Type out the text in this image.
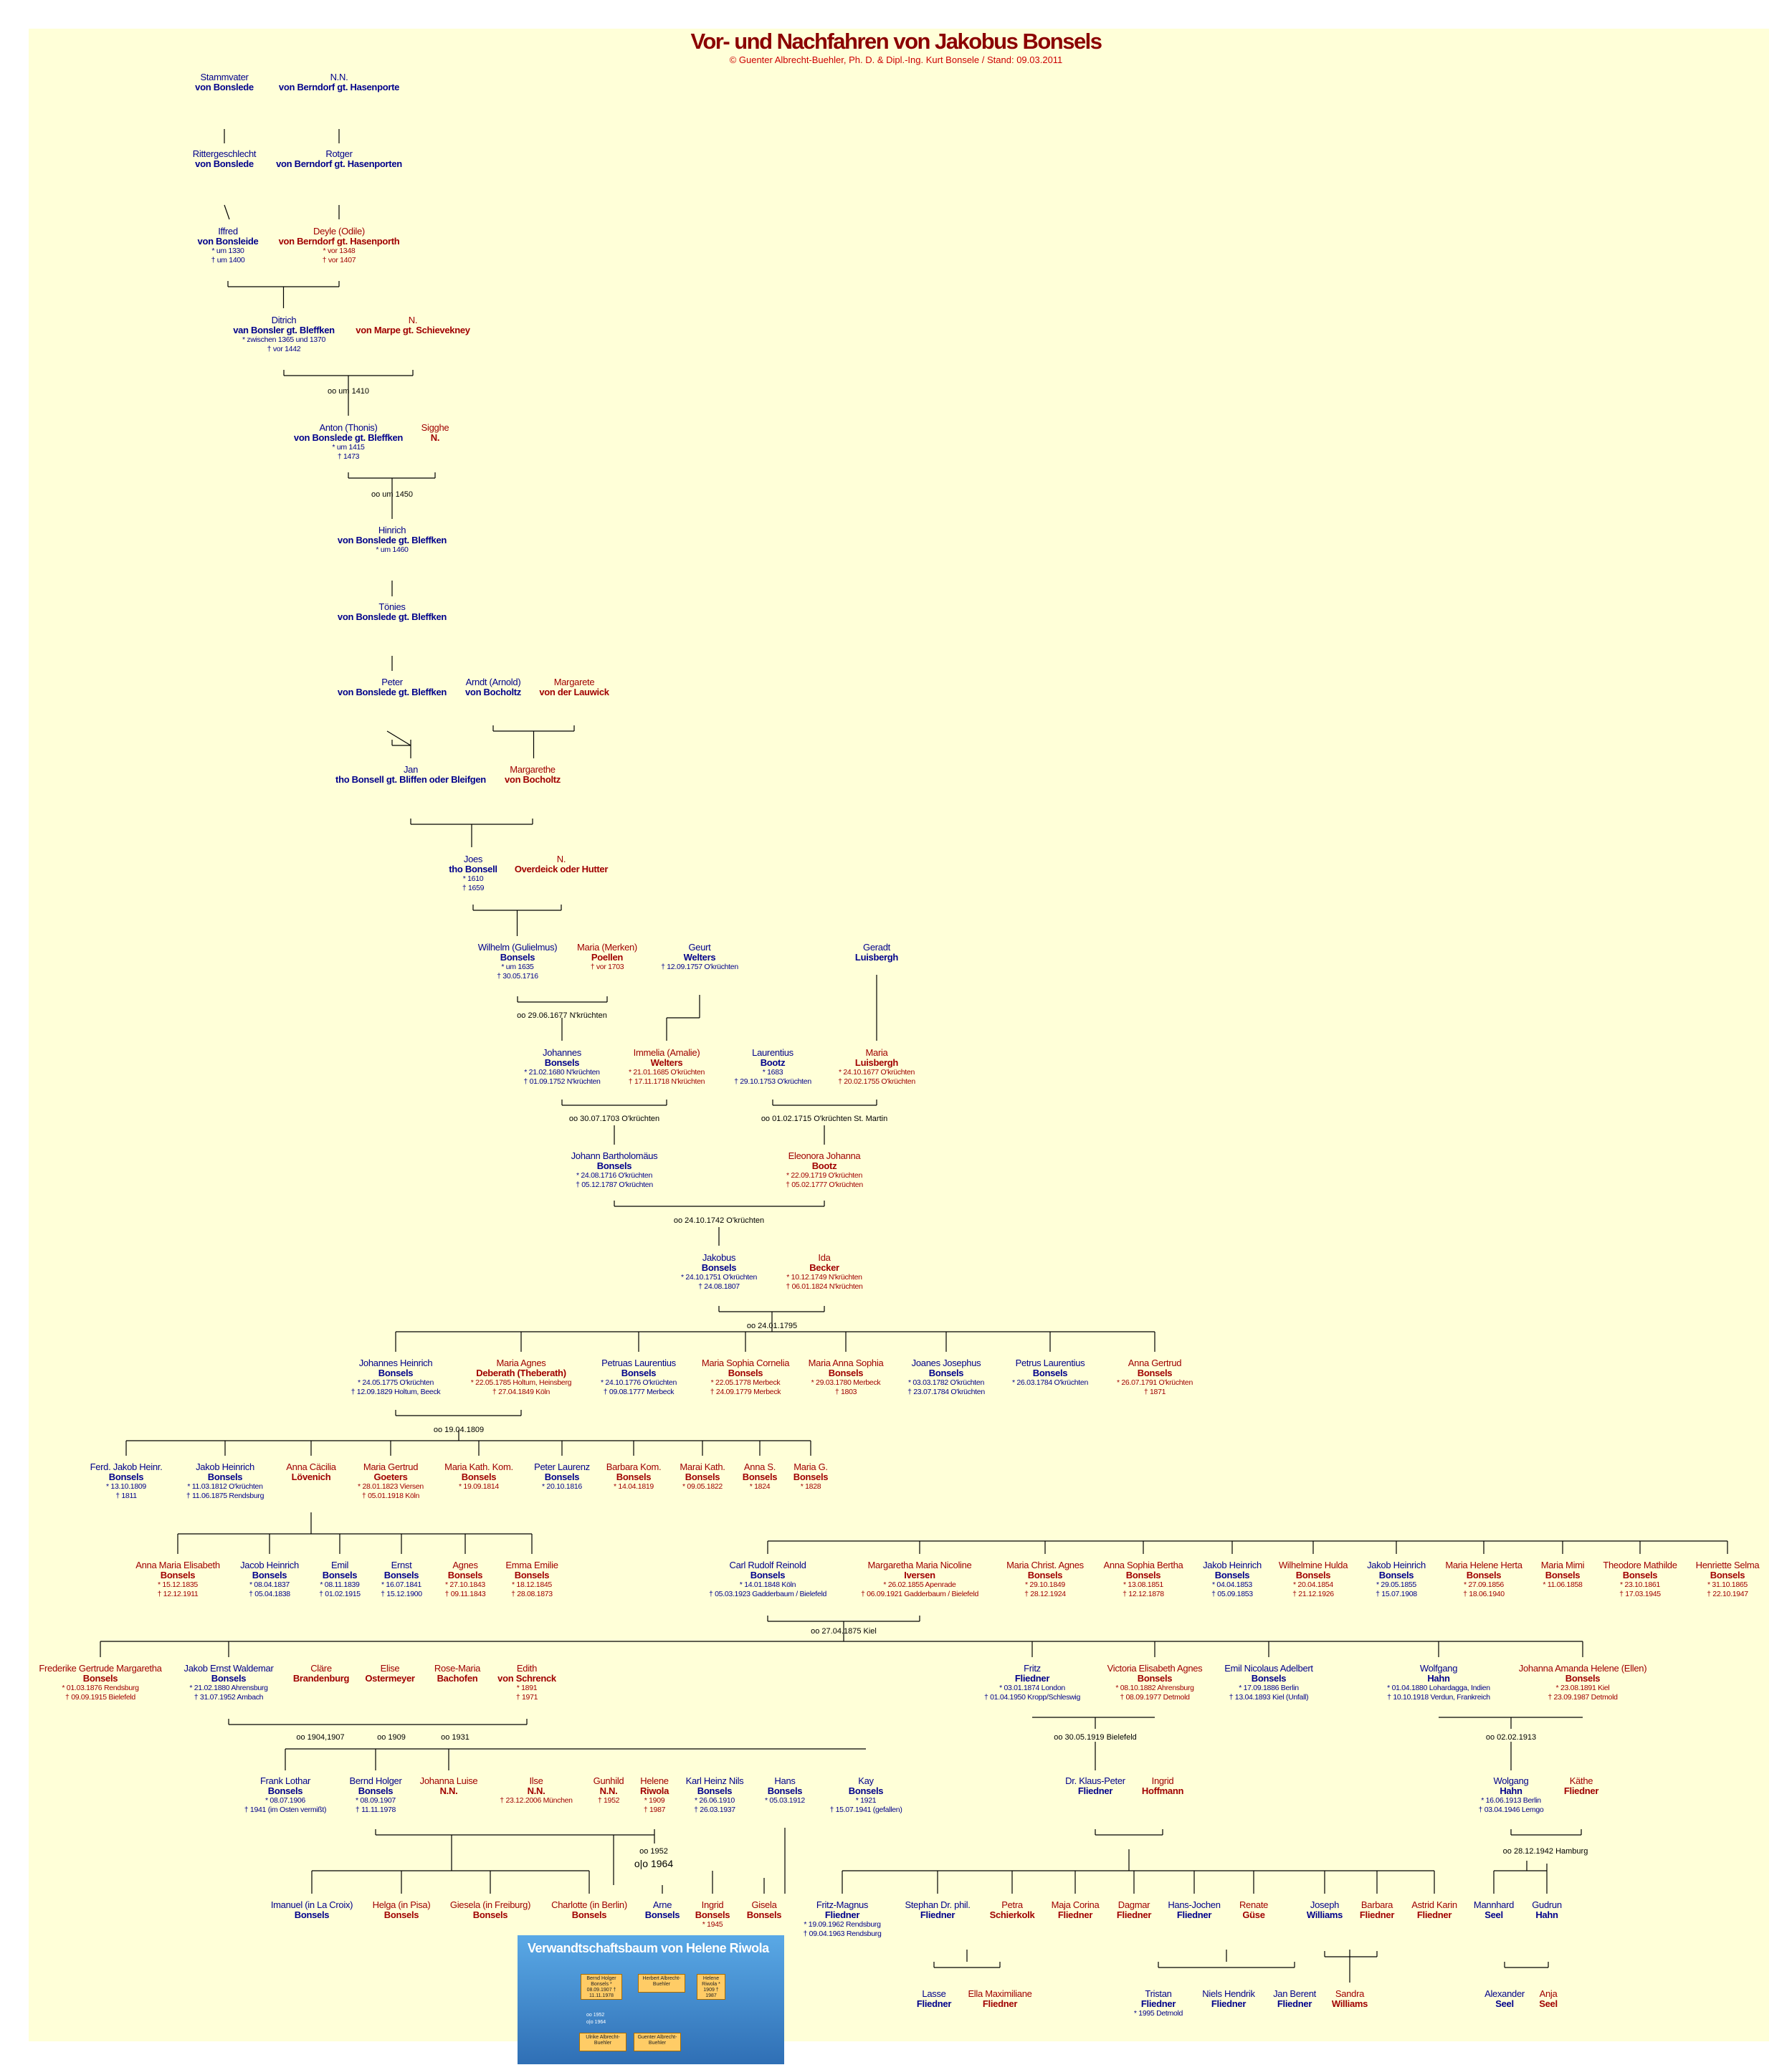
Vor- und Nachfahren von Jakobus Bonsels
© Guenter Albrecht-Buehler, Ph. D. & Dipl.-Ing. Kurt Bonsele / Stand: 09.03.2011
Stammvater
von Bonslede
N.N.
von Berndorf gt. Hasenporte
Rittergeschlecht
von Bonslede
Rotger
von Berndorf gt. Hasenporten
Iffred
von Bonsleide
* um 1330
† um 1400
Deyle (Odile)
von Berndorf gt. Hasenporth
* vor 1348
† vor 1407
Ditrich
van Bonsler gt. Bleffken
* zwischen 1365 und 1370
† vor 1442
N.
von Marpe gt. Schievekney
Anton (Thonis)
von Bonslede gt. Bleffken
* um 1415
† 1473
Sigghe
N.
Hinrich
von Bonslede gt. Bleffken
* um 1460
Tönies
von Bonslede gt. Bleffken
Peter
von Bonslede gt. Bleffken
Arndt (Arnold)
von Bocholtz
Margarete
von der Lauwick
Jan
tho Bonsell gt. Bliffen oder Bleifgen
Margarethe
von Bocholtz
Joes
tho Bonsell
* 1610
† 1659
N.
Overdeick oder Hutter
Wilhelm (Gulielmus)
Bonsels
* um 1635
† 30.05.1716
Maria (Merken)
Poellen
† vor 1703
Geurt
Welters
† 12.09.1757 O'krüchten
Geradt
Luisbergh
Johannes
Bonsels
* 21.02.1680 N'krüchten
† 01.09.1752 N'krüchten
Immelia (Amalie)
Welters
* 21.01.1685 O'krüchten
† 17.11.1718 N'krüchten
Laurentius
Bootz
* 1683
† 29.10.1753 O'krüchten
Maria
Luisbergh
* 24.10.1677 O'krüchten
† 20.02.1755 O'krüchten
Johann Bartholomäus
Bonsels
* 24.08.1716 O'krüchten
† 05.12.1787 O'krüchten
Eleonora Johanna
Bootz
* 22.09.1719 O'krüchten
† 05.02.1777 O'krüchten
Jakobus
Bonsels
* 24.10.1751 O'krüchten
† 24.08.1807
Ida
Becker
* 10.12.1749 N'krüchten
† 06.01.1824 N'krüchten
Johannes Heinrich
Bonsels
* 24.05.1775 O'krüchten
† 12.09.1829 Holtum, Beeck
Maria Agnes
Deberath (Theberath)
* 22.05.1785 Holtum, Heinsberg
† 27.04.1849 Köln
Petruas Laurentius
Bonsels
* 24.10.1776 O'krüchten
† 09.08.1777 Merbeck
Maria Sophia Cornelia
Bonsels
* 22.05.1778 Merbeck
† 24.09.1779 Merbeck
Maria Anna Sophia
Bonsels
* 29.03.1780 Merbeck
† 1803
Joanes Josephus
Bonsels
* 03.03.1782 O'krüchten
† 23.07.1784 O'krüchten
Petrus Laurentius
Bonsels
* 26.03.1784 O'krüchten
Anna Gertrud
Bonsels
* 26.07.1791 O'krüchten
† 1871
Ferd. Jakob Heinr.
Bonsels
* 13.10.1809
† 1811
Jakob Heinrich
Bonsels
* 11.03.1812 O'krüchten
† 11.06.1875 Rendsburg
Anna Cäcilia
Lövenich
Maria Gertrud
Goeters
* 28.01.1823 Viersen
† 05.01.1918 Köln
Maria Kath. Kom.
Bonsels
* 19.09.1814
Peter Laurenz
Bonsels
* 20.10.1816
Barbara Kom.
Bonsels
* 14.04.1819
Marai Kath.
Bonsels
* 09.05.1822
Anna S.
Bonsels
* 1824
Maria G.
Bonsels
* 1828
Anna Maria Elisabeth
Bonsels
* 15.12.1835
† 12.12.1911
Jacob Heinrich
Bonsels
* 08.04.1837
† 05.04.1838
Emil
Bonsels
* 08.11.1839
† 01.02.1915
Ernst
Bonsels
* 16.07.1841
† 15.12.1900
Agnes
Bonsels
* 27.10.1843
† 09.11.1843
Emma Emilie
Bonsels
* 18.12.1845
† 28.08.1873
Carl Rudolf Reinold
Bonsels
* 14.01.1848 Köln
† 05.03.1923 Gadderbaum / Bielefeld
Margaretha Maria Nicoline
Iversen
* 26.02.1855 Apenrade
† 06.09.1921 Gadderbaum / Bielefeld
Maria Christ. Agnes
Bonsels
* 29.10.1849
† 28.12.1924
Anna Sophia Bertha
Bonsels
* 13.08.1851
† 12.12.1878
Jakob Heinrich
Bonsels
* 04.04.1853
† 05.09.1853
Wilhelmine Hulda
Bonsels
* 20.04.1854
† 21.12.1926
Jakob Heinrich
Bonsels
* 29.05.1855
† 15.07.1908
Maria Helene Herta
Bonsels
* 27.09.1856
† 18.06.1940
Maria Mimi
Bonsels
* 11.06.1858
Theodore Mathilde
Bonsels
* 23.10.1861
† 17.03.1945
Henriette Selma
Bonsels
* 31.10.1865
† 22.10.1947
Frederike Gertrude Margaretha
Bonsels
* 01.03.1876 Rendsburg
† 09.09.1915 Bielefeld
Jakob Ernst Waldemar
Bonsels
* 21.02.1880 Ahrensburg
† 31.07.1952 Ambach
Cläre
Brandenburg
Elise
Ostermeyer
Rose-Maria
Bachofen
Edith
von Schrenck
* 1891
† 1971
Fritz
Fliedner
* 03.01.1874 London
† 01.04.1950 Kropp/Schleswig
Victoria Elisabeth Agnes
Bonsels
* 08.10.1882 Ahrensburg
† 08.09.1977 Detmold
Emil Nicolaus Adelbert
Bonsels
* 17.09.1886 Berlin
† 13.04.1893 Kiel (Unfall)
Wolfgang
Hahn
* 01.04.1880 Lohardagga, Indien
† 10.10.1918 Verdun, Frankreich
Johanna Amanda Helene (Ellen)
Bonsels
* 23.08.1891 Kiel
† 23.09.1987 Detmold
Frank Lothar
Bonsels
* 08.07.1906
† 1941 (im Osten vermißt)
Bernd Holger
Bonsels
* 08.09.1907
† 11.11.1978
Johanna Luise
N.N.
Ilse
N.N.
† 23.12.2006 München
Gunhild
N.N.
† 1952
Helene
Riwola
* 1909
† 1987
Karl Heinz Nils
Bonsels
* 26.06.1910
† 26.03.1937
Hans
Bonsels
* 05.03.1912
Kay
Bonsels
* 1921
† 15.07.1941 (gefallen)
Dr. Klaus-Peter
Fliedner
Ingrid
Hoffmann
Wolgang
Hahn
* 16.06.1913 Berlin
† 03.04.1946 Lemgo
Käthe
Fliedner
Imanuel (in La Croix)
Bonsels
Helga (in Pisa)
Bonsels
Giesela (in Freiburg)
Bonsels
Charlotte (in Berlin)
Bonsels
Arne
Bonsels
Ingrid
Bonsels
* 1945
Gisela
Bonsels
Fritz-Magnus
Fliedner
* 19.09.1962 Rendsburg
† 09.04.1963 Rendsburg
Stephan Dr. phil.
Fliedner
Petra
Schierkolk
Maja Corina
Fliedner
Dagmar
Fliedner
Hans-Jochen
Fliedner
Renate
Güse
Joseph
Williams
Barbara
Fliedner
Astrid Karin
Fliedner
Mannhard
Seel
Gudrun
Hahn
Lasse
Fliedner
Ella Maximiliane
Fliedner
Tristan
Fliedner
* 1995 Detmold
Niels Hendrik
Fliedner
Jan Berent
Fliedner
Sandra
Williams
Alexander
Seel
Anja
Seel
oo um 1410
oo um 1450
oo 29.06.1677 N'krüchten
oo 30.07.1703 O'krüchten	oo 01.02.1715 O'krüchten St. Martin
oo 24.10.1742 O'krüchten
oo 24.01.1795
oo 19.04.1809
oo 27.04.1875 Kiel
oo 1904,1907	oo 1909	oo 1931	oo 30.05.1919 Bielefeld	oo 02.02.1913
oo 1952
o|o 1964
oo 28.12.1942 Hamburg
Verwandtschaftsbaum von Helene Riwola
Bernd Holger Bonsels * 08.09.1907 † 11.11.1978
Herbert Albrecht-Buehler
Helene Riwola * 1909 † 1987
oo 1952
o|o 1964
Ulrike Albrecht-Buehler
Guenter Albrecht-Buehler
